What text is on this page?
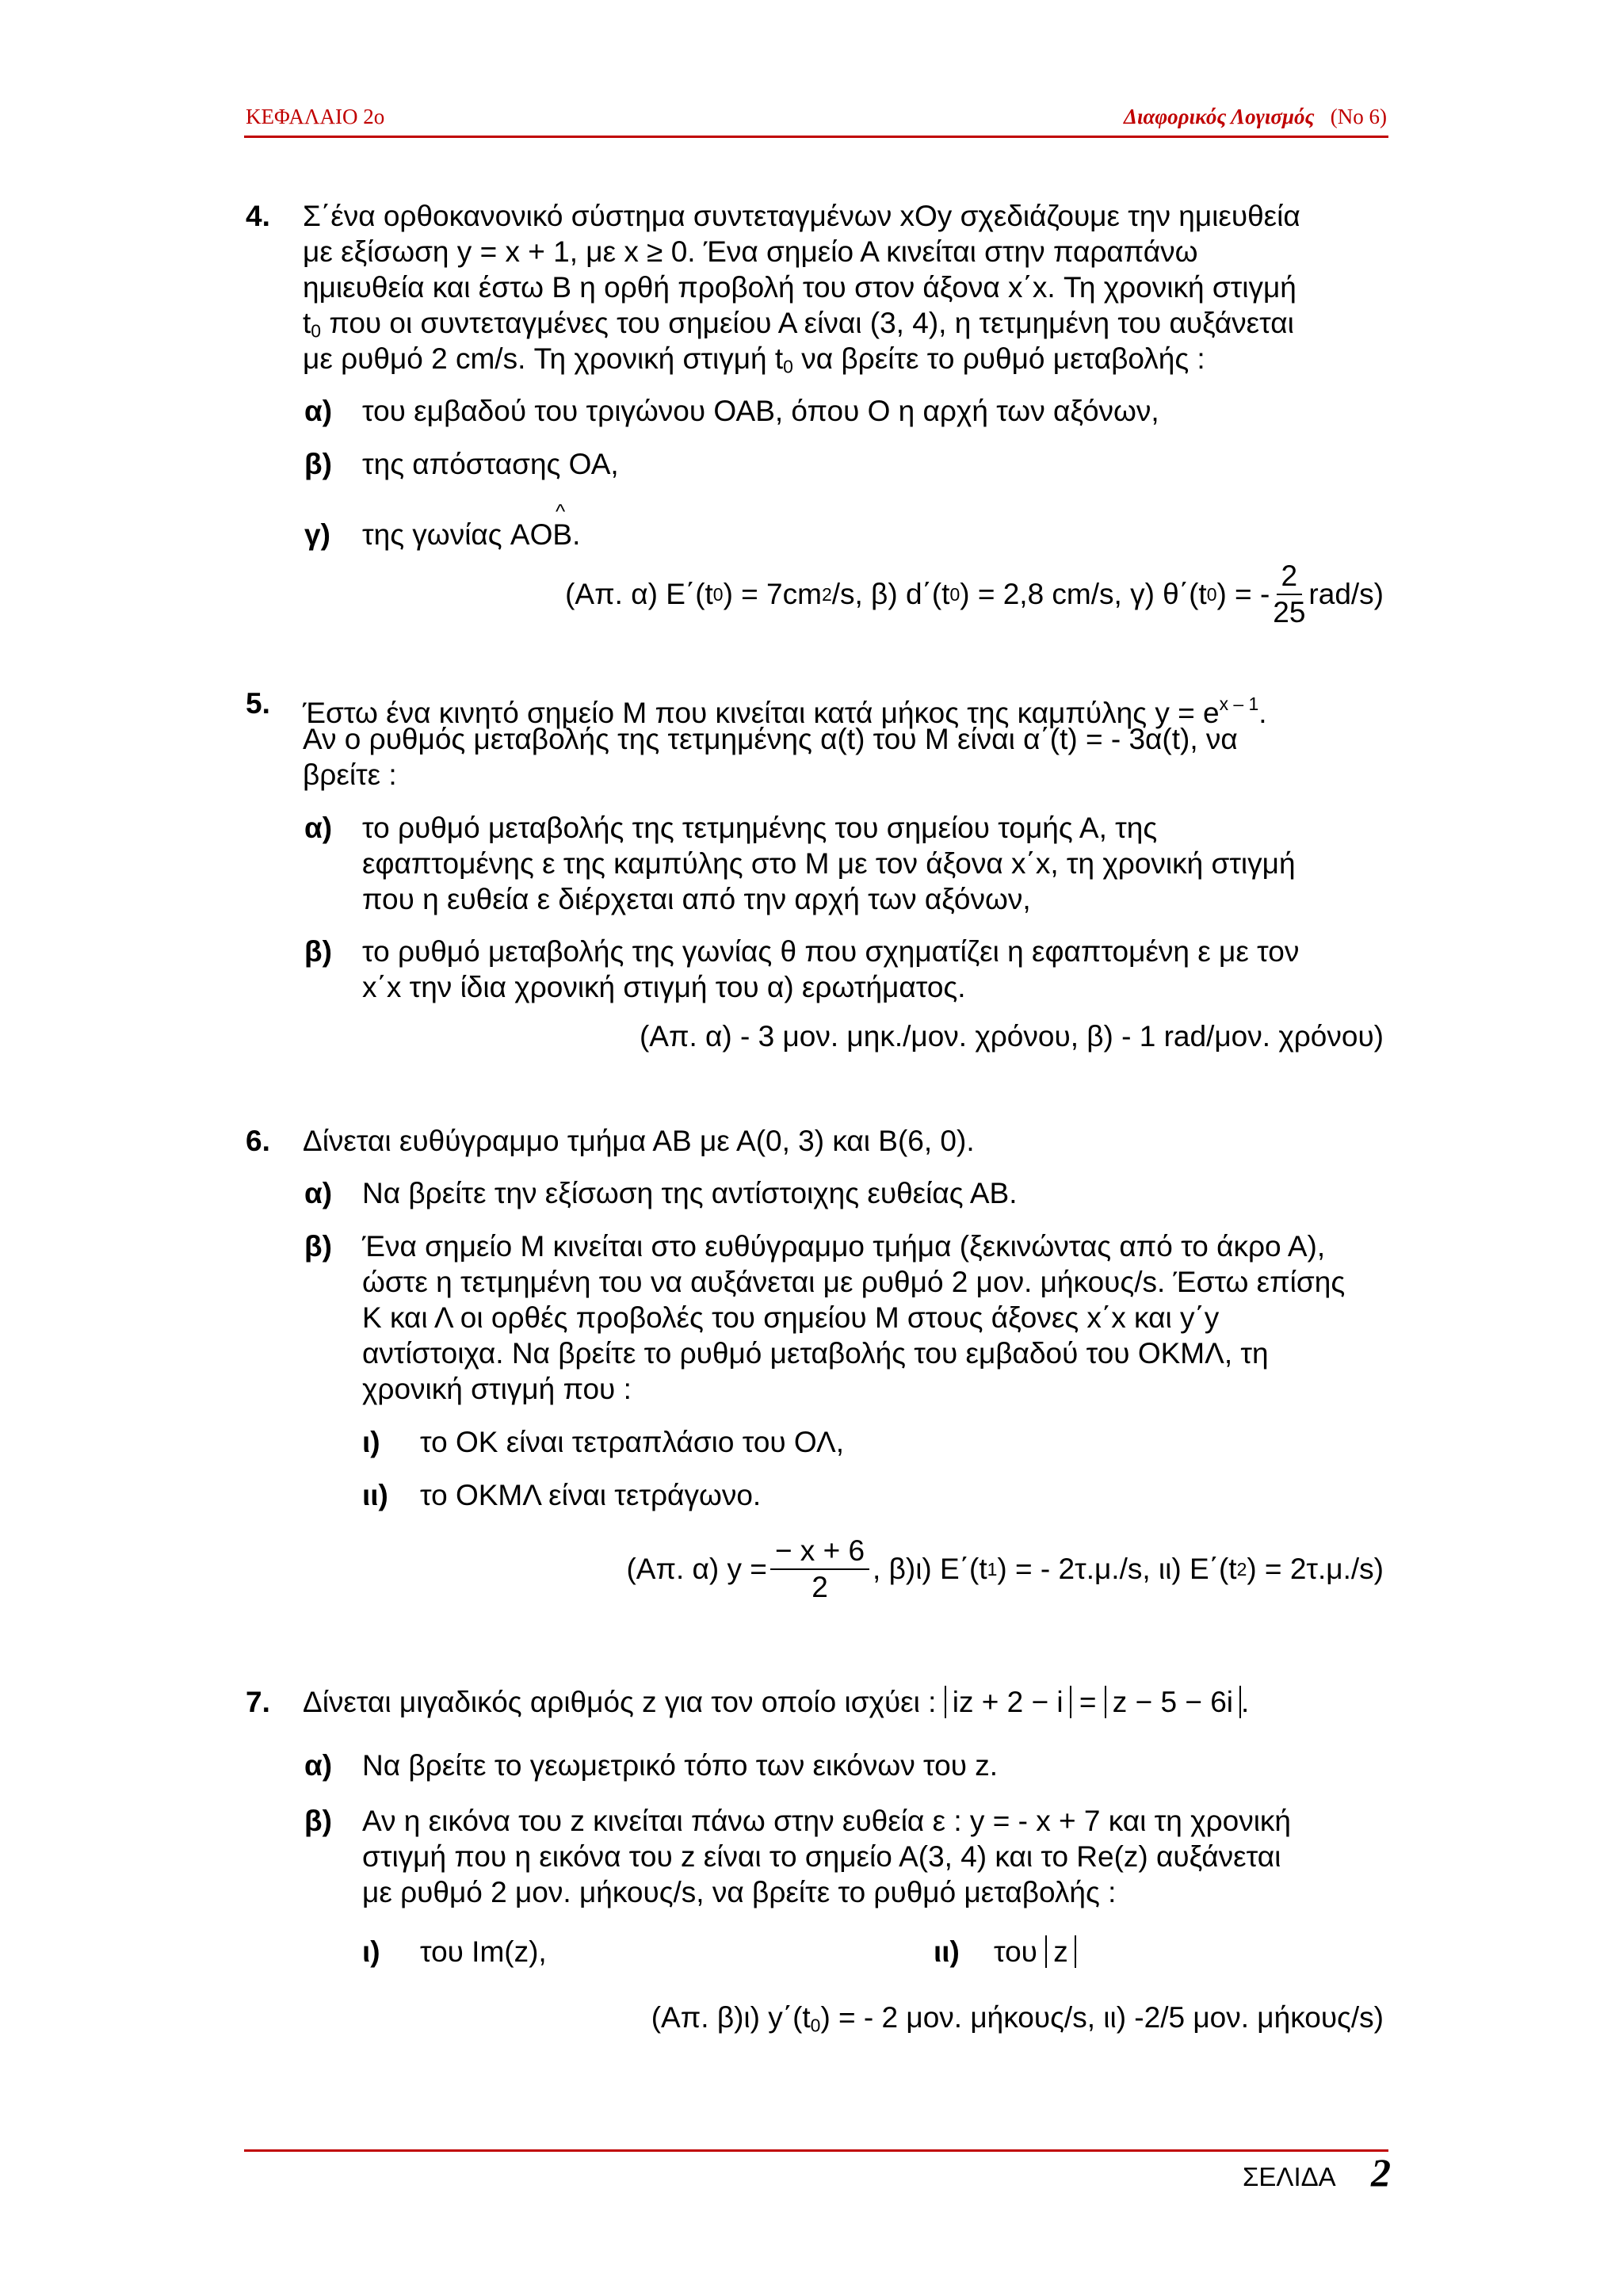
ΚΕΦΑΛΑΙΟ 2ο	Διαφορικός Λογισμός (Νο 6)
4. Σ΄ένα ορθοκανονικό σύστημα συντεταγμένων xOy σχεδιάζουμε την ημιευθεία
με εξίσωση y = x + 1, με x ≥ 0. Ένα σημείο Α κινείται στην παραπάνω
ημιευθεία και έστω Β η ορθή προβολή του στον άξονα x΄x. Τη χρονική στιγμή
$t_0$ που οι συντεταγμένες του σημείου Α είναι (3, 4), η τετμημένη του αυξάνεται
με ρυθμό 2 cm/s. Τη χρονική στιγμή $t_0$ να βρείτε το ρυθμό μεταβολής :
α) του εμβαδού του τριγώνου ΟΑΒ, όπου Ο η αρχή των αξόνων,
β) της απόστασης ΟΑ,
^
γ) της γωνίας AOB.
(Απ. α) Ε΄(t 0 ) = 7cm 2 /s, β) d΄(t 0 ) = 2,8 cm/s, γ) θ΄(t 0 ) = - $\frac{2}{25} rad/s$)
5. Έστω ένα κινητό σημείο Μ που κινείται κατά μήκος της καμπύλης $y = e^{x - 1}$.
Αν ο ρυθμός μεταβολής της τετμημένης α(t) του Μ είναι α΄(t) = - 3α(t), να
βρείτε :
α) το ρυθμό μεταβολής της τετμημένης του σημείου τομής Α, της
εφαπτομένης ε της καμπύλης στο Μ με τον άξονα x΄x, τη χρονική στιγμή
που η ευθεία ε διέρχεται από την αρχή των αξόνων,
β) το ρυθμό μεταβολής της γωνίας θ που σχηματίζει η εφαπτομένη ε με τον
x΄x την ίδια χρονική στιγμή του α) ερωτήματος.
(Απ. α) - 3 μον. μηκ./μον. χρόνου, β) - 1 rad/μον. χρόνου)
6. Δίνεται ευθύγραμμο τμήμα ΑΒ με Α(0, 3) και Β(6, 0).
α) Να βρείτε την εξίσωση της αντίστοιχης ευθείας ΑΒ.
β) Ένα σημείο Μ κινείται στο ευθύγραμμο τμήμα (ξεκινώντας από το άκρο Α),
ώστε η τετμημένη του να αυξάνεται με ρυθμό 2 μον. μήκους/s. Έστω επίσης
Κ και Λ οι ορθές προβολές του σημείου Μ στους άξονες x΄x και y΄y
αντίστοιχα. Να βρείτε το ρυθμό μεταβολής του εμβαδού του ΟΚΜΛ, τη
χρονική στιγμή που :
ι) το ΟΚ είναι τετραπλάσιο του ΟΛ,
ιι) το ΟΚΜΛ είναι τετράγωνο.
(Απ. α) $y = \frac{- x + 6}{2}$ , β)ι) Ε΄(t 1 ) = - 2τ.μ./s, ιι) Ε΄(t 2 ) = 2τ.μ./s)
7. Δίνεται μιγαδικός αριθμός z για τον οποίο ισχύει : iz + 2 − i = z − 5 − 6i .
α) Να βρείτε το γεωμετρικό τόπο των εικόνων του z.
β) Αν η εικόνα του z κινείται πάνω στην ευθεία ε : y = - x + 7 και τη χρονική
στιγμή που η εικόνα του z είναι το σημείο Α(3, 4) και το Re(z) αυξάνεται
με ρυθμό 2 μον. μήκους/s, να βρείτε το ρυθμό μεταβολής :
ι) του Im(z),	ιι) του z
(Απ. β)ι) $y΄(t_0)$ = - 2 μον. μήκους/s, ιι) -2/5 μον. μήκους/s)
ΣΕΛΙΔΑ 2
